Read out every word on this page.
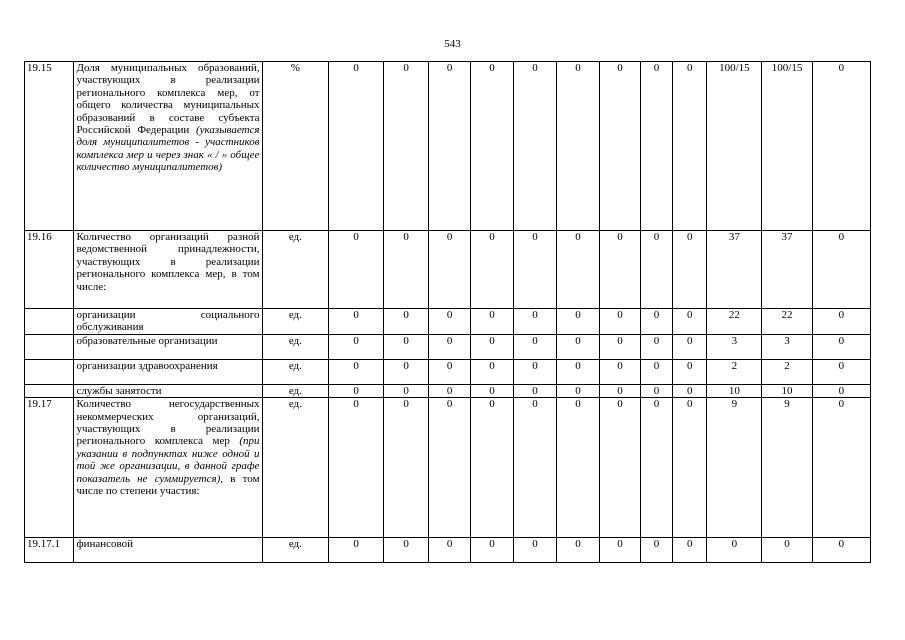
543
19.15	Доля муниципальных образований, участвующих в реализации регионального комплекса мер, от общего количества муниципальных образований в составе субъекта Российской Федерации (указывается доля муниципалитетов - участников комплекса мер и через знак « / » общее количество муниципалитетов)	%	0	0	0	0	0	0	0	0	0	100/15	100/15	0
19.16	Количество организаций разной ведомственной принадлежности, участвующих в реализации регионального комплекса мер, в том числе:	ед.	0	0	0	0	0	0	0	0	0	37	37	0
	организации социального обслуживания	ед.	0	0	0	0	0	0	0	0	0	22	22	0
	образовательные организации	ед.	0	0	0	0	0	0	0	0	0	3	3	0
	организации здравоохранения	ед.	0	0	0	0	0	0	0	0	0	2	2	0
	службы занятости	ед.	0	0	0	0	0	0	0	0	0	10	10	0
19.17	Количество негосударственных некоммерческих организаций, участвующих в реализации регионального комплекса мер (при указании в подпунктах ниже одной и той же организации, в данной графе показатель не суммируется), в том числе по степени участия:	ед.	0	0	0	0	0	0	0	0	0	9	9	0
19.17.1	финансовой	ед.	0	0	0	0	0	0	0	0	0	0	0	0
